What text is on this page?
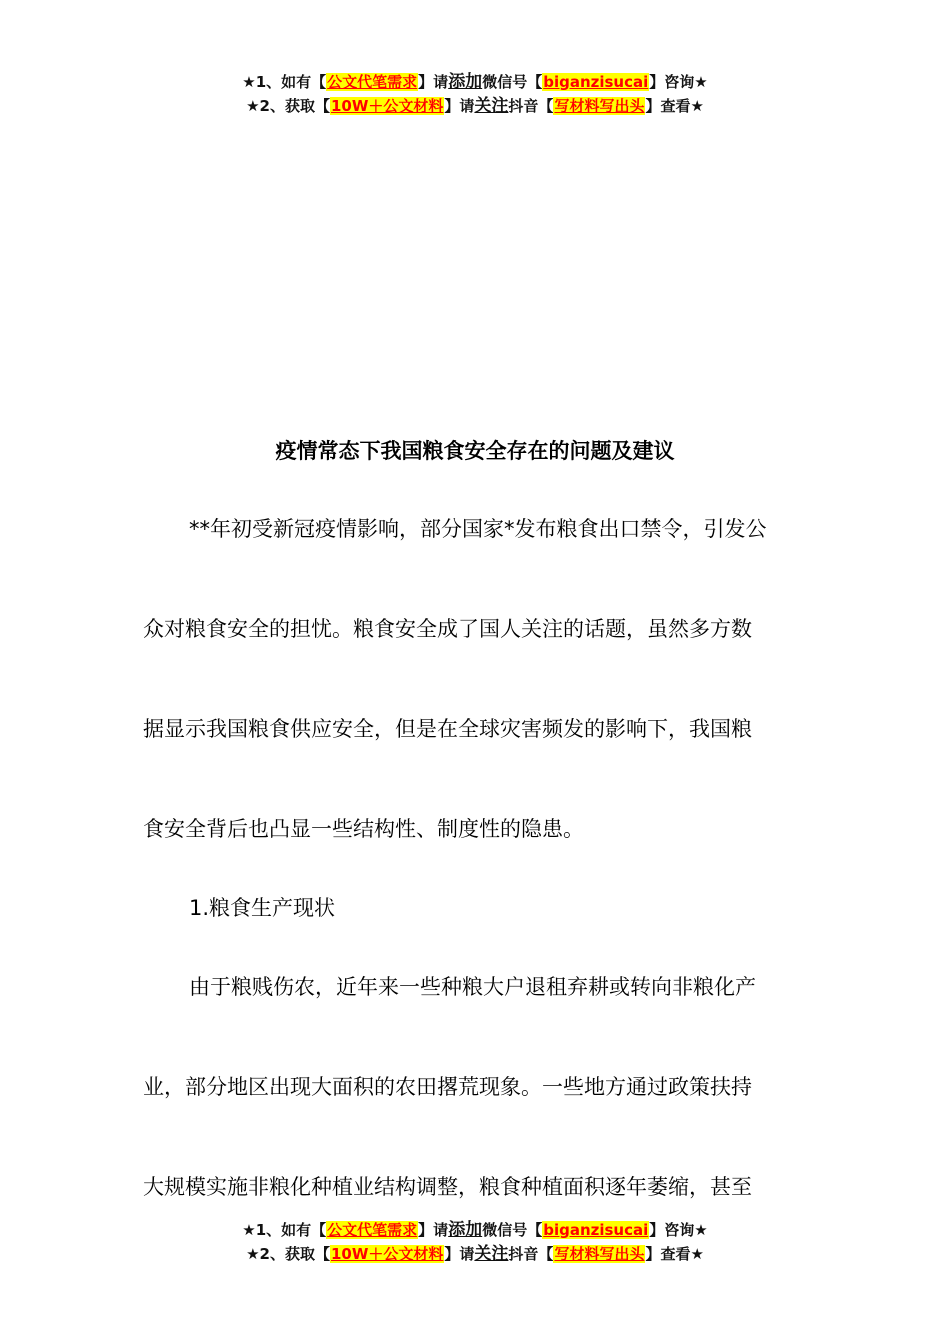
★1、如有【公文代笔需求】请添加微信号【biganzisucai】咨询★
★2、获取【10W＋公文材料】请关注抖音【写材料写出头】查看★
疫情常态下我国粮食安全存在的问题及建议

**年初受新冠疫情影响，部分国家*发布粮食出口禁令，引发公

众对粮食安全的担忧。粮食安全成了国人关注的话题，虽然多方数

据显示我国粮食供应安全，但是在全球灾害频发的影响下，我国粮

食安全背后也凸显一些结构性、制度性的隐患。

1.粮食生产现状

由于粮贱伤农，近年来一些种粮大户退租弃耕或转向非粮化产

业，部分地区出现大面积的农田撂荒现象。一些地方通过政策扶持

大规模实施非粮化种植业结构调整，粮食种植面积逐年萎缩，甚至

★1、如有【公文代笔需求】请添加微信号【biganzisucai】咨询★
★2、获取【10W＋公文材料】请关注抖音【写材料写出头】查看★
